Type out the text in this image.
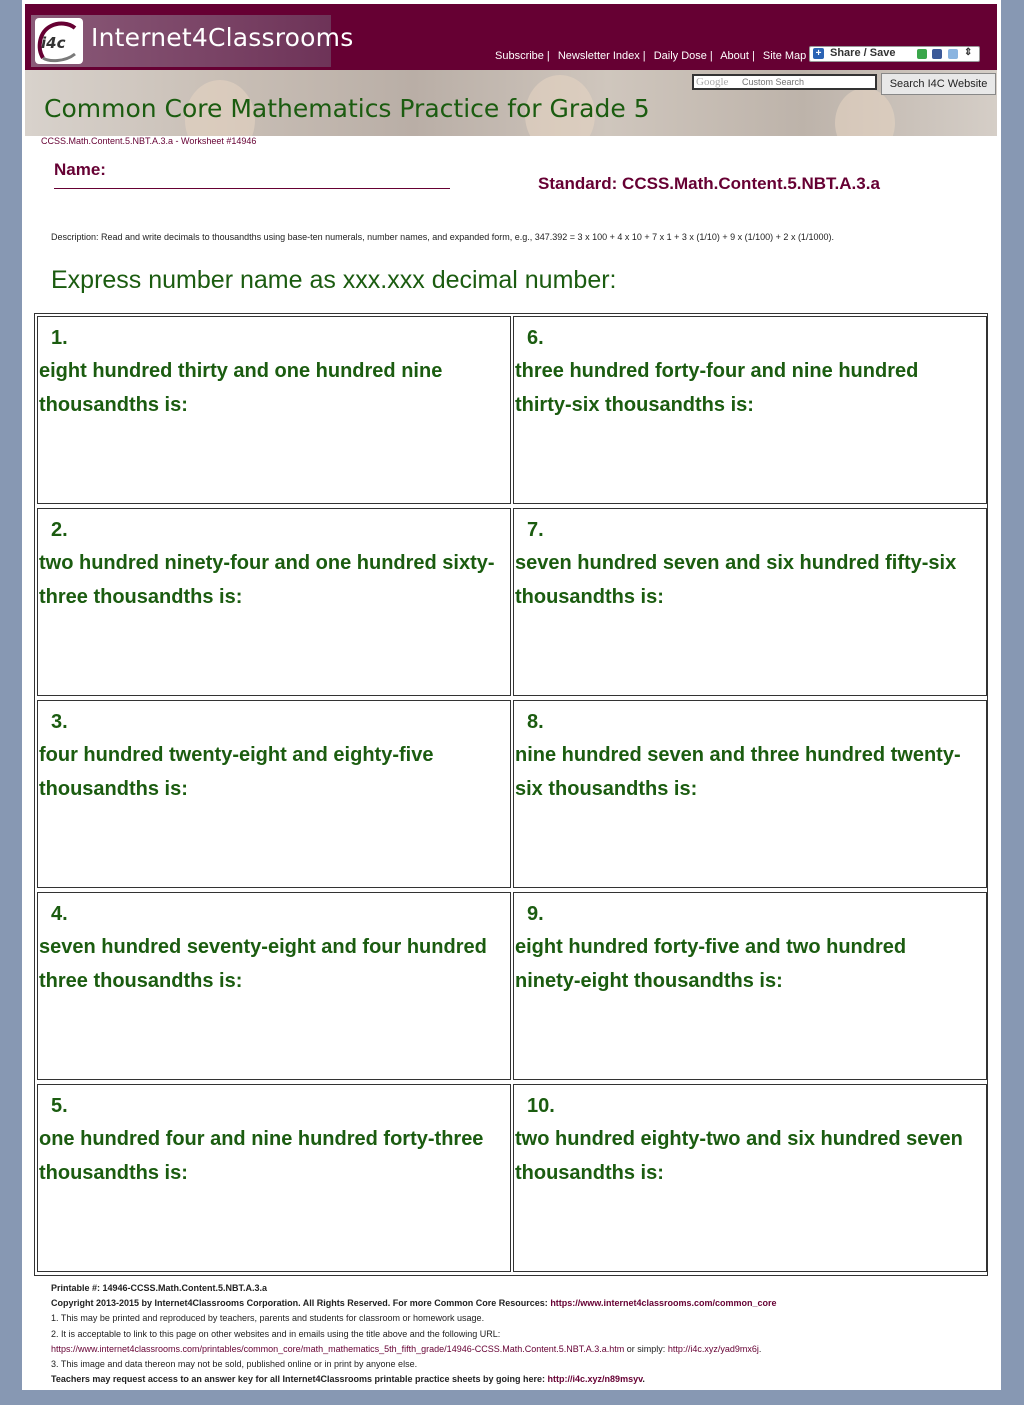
i4c Internet4Classrooms
Subscribe | Newsletter Index | Daily Dose | About | Site Map + Share / Save	⇕
Custom Search
Google	Search I4C Website
Common Core Mathematics Practice for Grade 5
CCSS.Math.Content.5.NBT.A.3.a - Worksheet #14946
Name:
Standard: CCSS.Math.Content.5.NBT.A.3.a
Description: Read and write decimals to thousandths using base-ten numerals, number names, and expanded form, e.g., 347.392 = 3 x 100 + 4 x 10 + 7 x 1 + 3 x (1/10) + 9 x (1/100) + 2 x (1/1000).
Express number name as xxx.xxx decimal number:
1.
eight hundred thirty and one hundred nine thousandths is:
2.
two hundred ninety-four and one hundred sixty-three thousandths is:
3.
four hundred twenty-eight and eighty-five thousandths is:
4.
seven hundred seventy-eight and four hundred three thousandths is:
5.
one hundred four and nine hundred forty-three thousandths is:
6.
three hundred forty-four and nine hundred thirty-six thousandths is:
7.
seven hundred seven and six hundred fifty-six thousandths is:
8.
nine hundred seven and three hundred twenty-six thousandths is:
9.
eight hundred forty-five and two hundred ninety-eight thousandths is:
10.
two hundred eighty-two and six hundred seven thousandths is:
Printable #: 14946-CCSS.Math.Content.5.NBT.A.3.a
Copyright 2013-2015 by Internet4Classrooms Corporation. All Rights Reserved. For more Common Core Resources: https://www.internet4classrooms.com/common_core
1. This may be printed and reproduced by teachers, parents and students for classroom or homework usage.
2. It is acceptable to link to this page on other websites and in emails using the title above and the following URL:
https://www.internet4classrooms.com/printables/common_core/math_mathematics_5th_fifth_grade/14946-CCSS.Math.Content.5.NBT.A.3.a.htm or simply: http://i4c.xyz/yad9mx6j.
3. This image and data thereon may not be sold, published online or in print by anyone else.
Teachers may request access to an answer key for all Internet4Classrooms printable practice sheets by going here: http://i4c.xyz/n89msyv.
